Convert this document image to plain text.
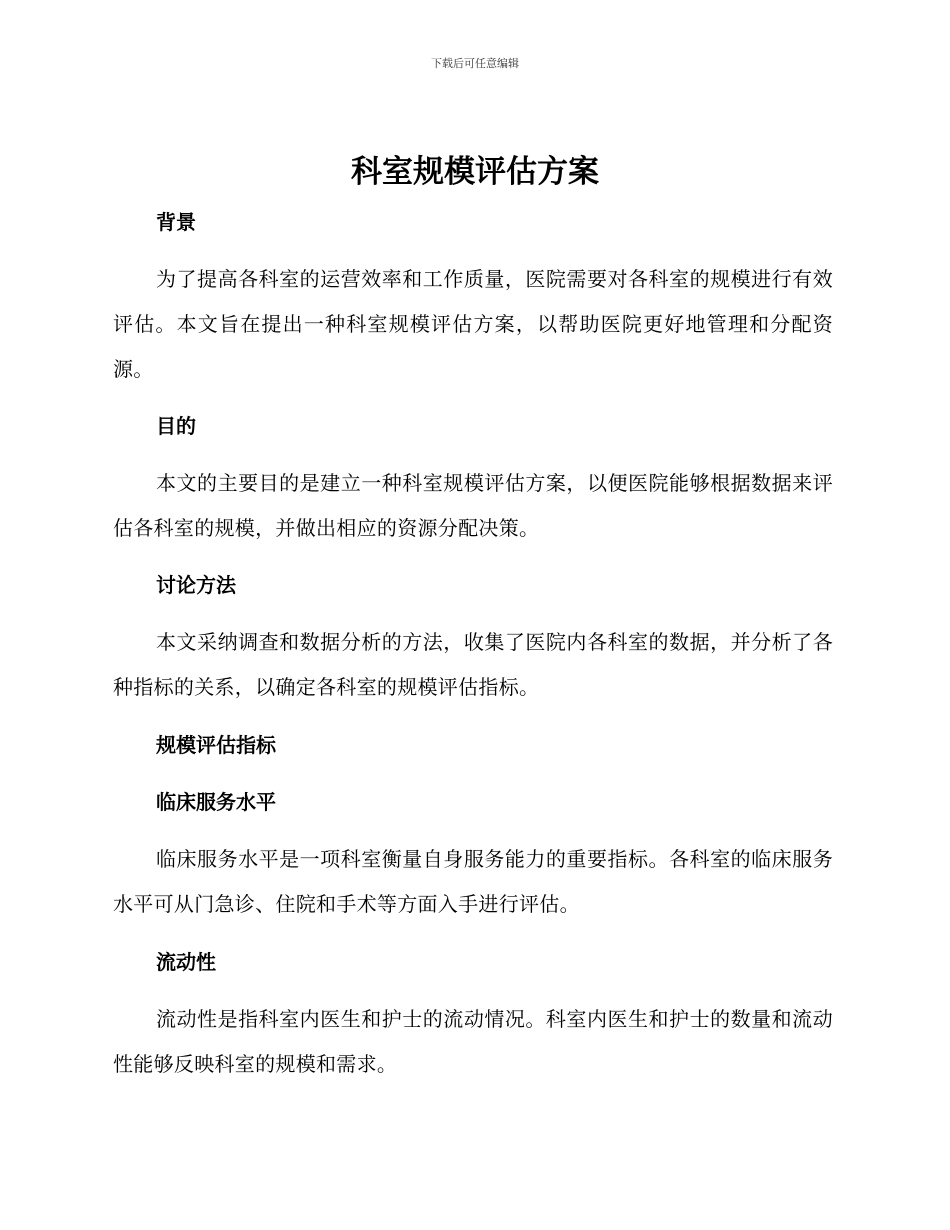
下载后可任意编辑
科室规模评估方案
背景

为了提高各科室的运营效率和工作质量，医院需要对各科室的规模进行有效评估。本文旨在提出一种科室规模评估方案，以帮助医院更好地管理和分配资源。

目的

本文的主要目的是建立一种科室规模评估方案，以便医院能够根据数据来评估各科室的规模，并做出相应的资源分配决策。

讨论方法

本文采纳调查和数据分析的方法，收集了医院内各科室的数据，并分析了各种指标的关系，以确定各科室的规模评估指标。

规模评估指标
临床服务水平

临床服务水平是一项科室衡量自身服务能力的重要指标。各科室的临床服务水平可从门急诊、住院和手术等方面入手进行评估。

流动性

流动性是指科室内医生和护士的流动情况。科室内医生和护士的数量和流动性能够反映科室的规模和需求。
